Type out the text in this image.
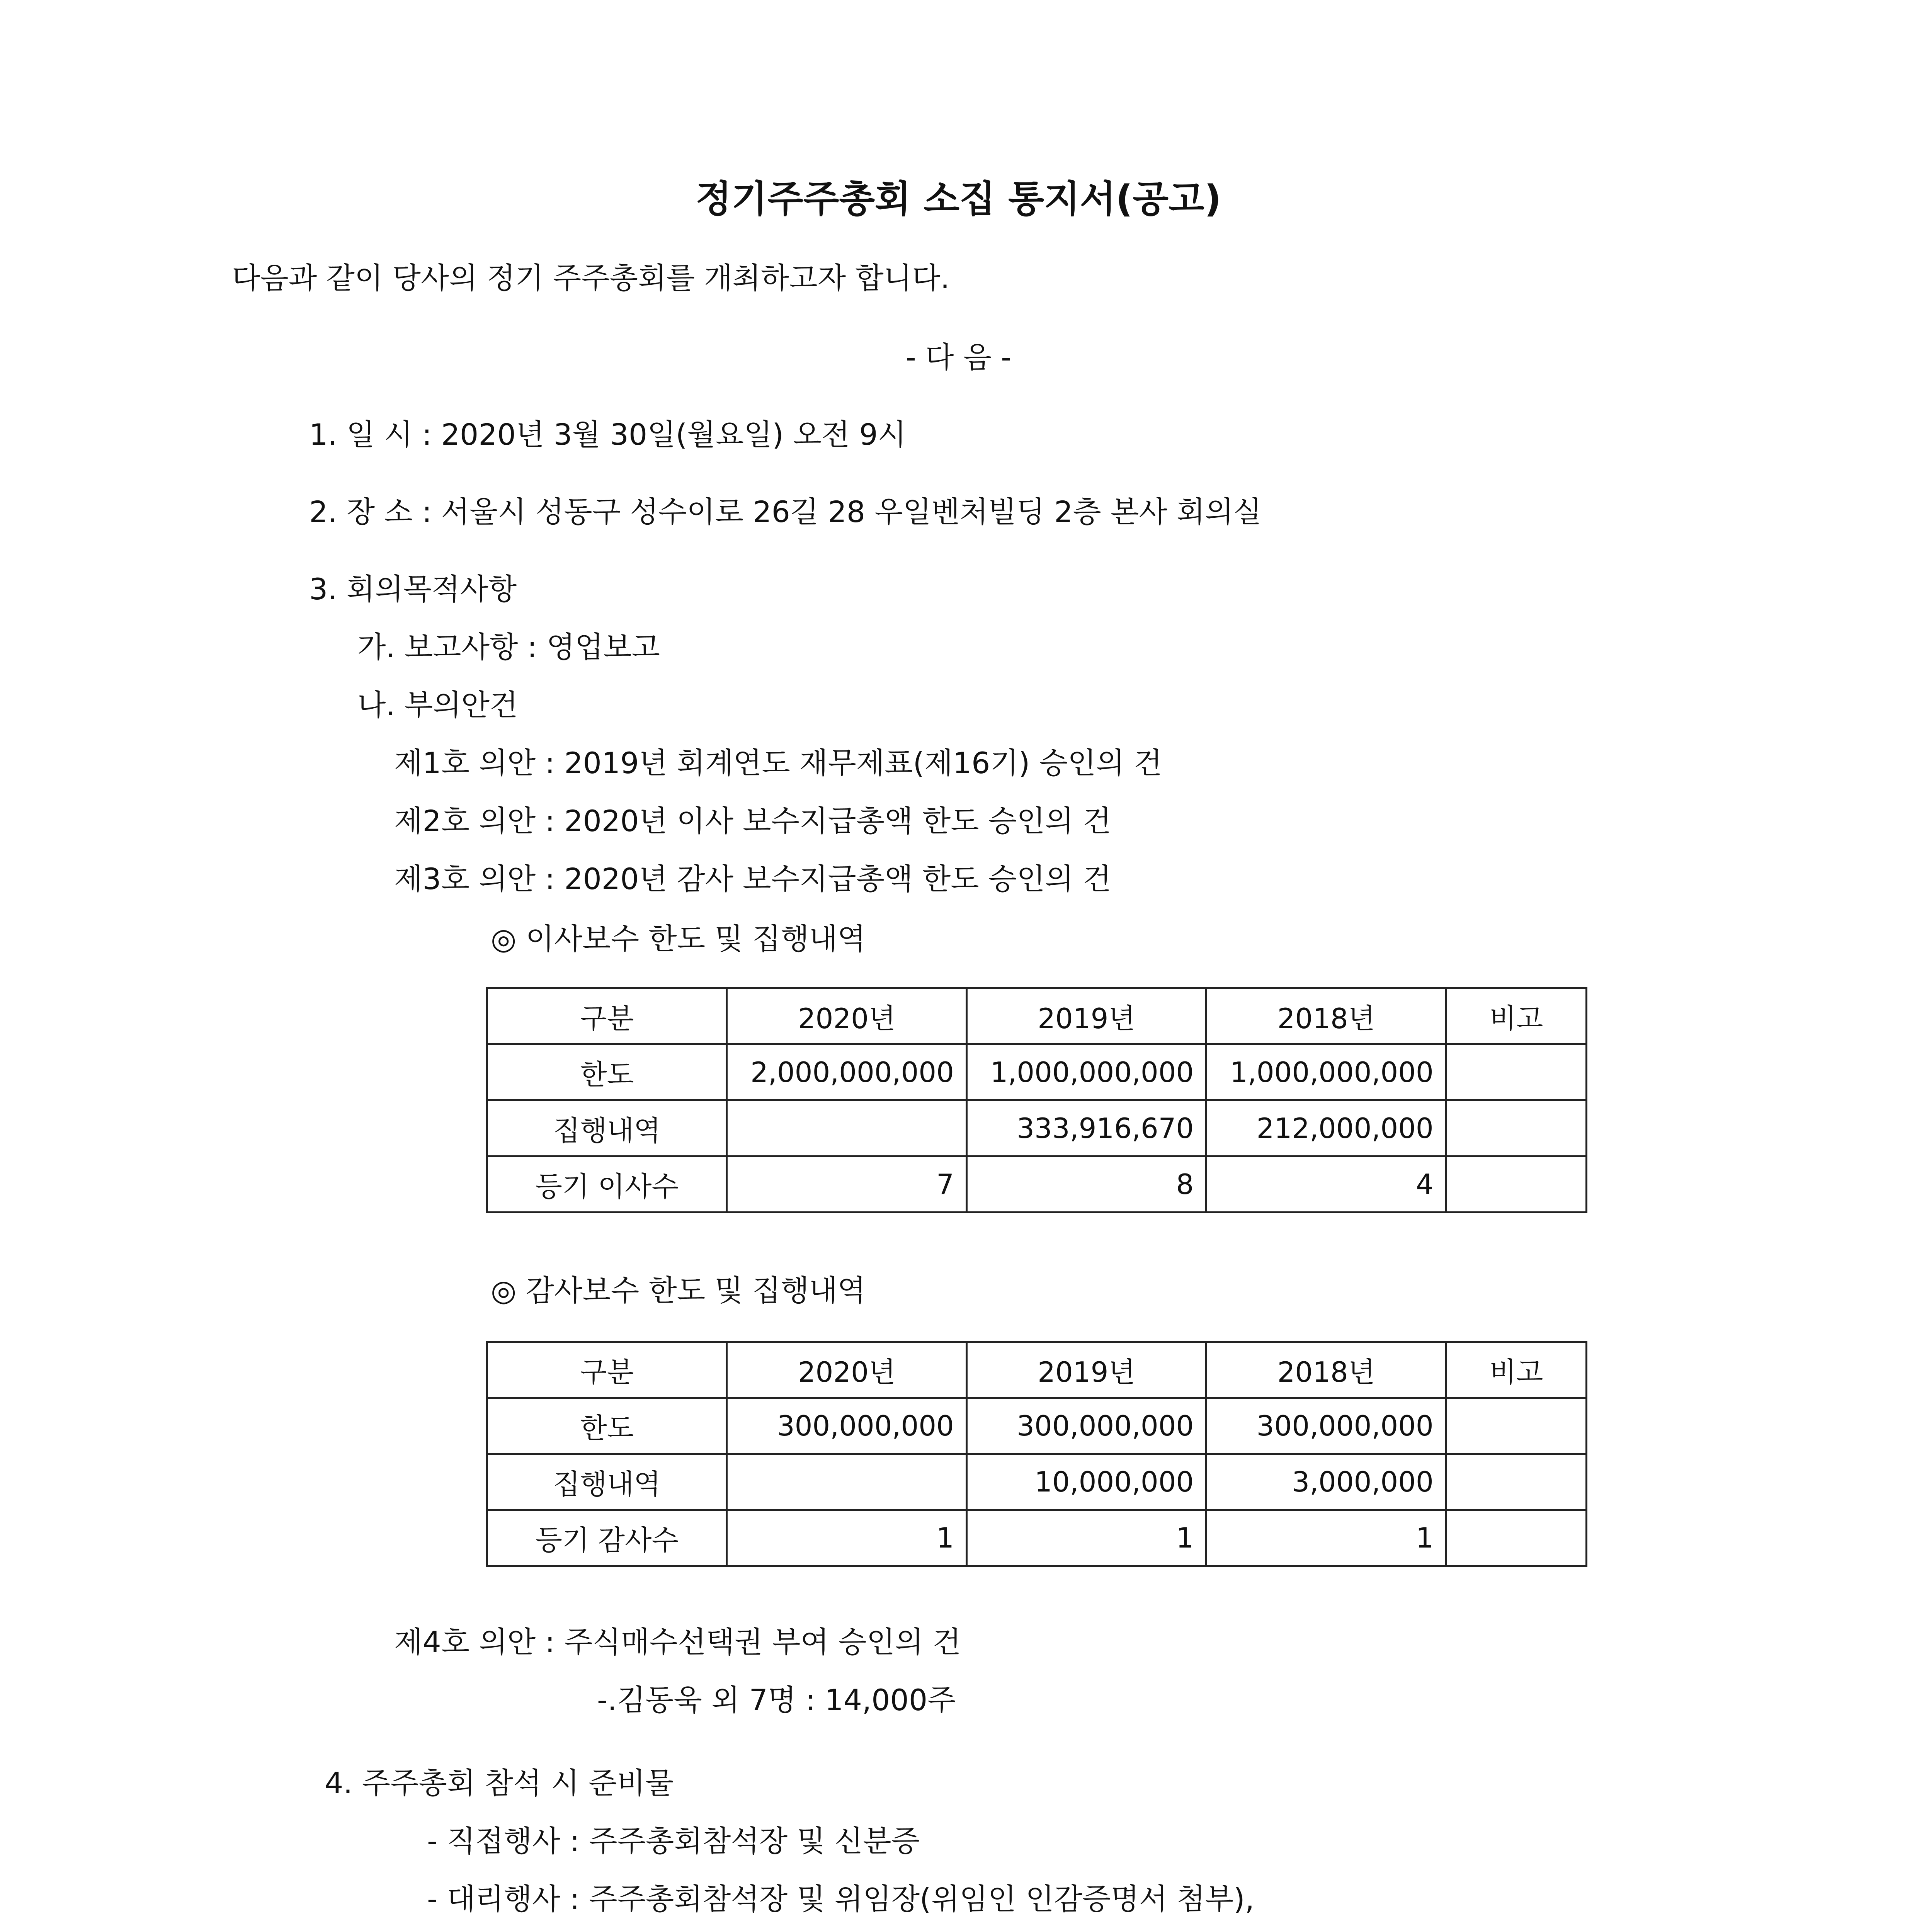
정기주주총회 소집 통지서(공고)
다음과 같이 당사의 정기 주주총회를 개최하고자 합니다.
- 다 음 -
1. 일 시 : 2020년 3월 30일(월요일) 오전 9시
2. 장 소 : 서울시 성동구 성수이로 26길 28 우일벤처빌딩 2층 본사 회의실
3. 회의목적사항
가. 보고사항 : 영업보고
나. 부의안건
제1호 의안 : 2019년 회계연도 재무제표(제16기) 승인의 건
제2호 의안 : 2020년 이사 보수지급총액 한도 승인의 건
제3호 의안 : 2020년 감사 보수지급총액 한도 승인의 건
◎ 이사보수 한도 및 집행내역
구분	2020년	2019년	2018년	비고
한도	2,000,000,000	1,000,000,000	1,000,000,000	
집행내역		333,916,670	212,000,000	
등기 이사수	7	8	4	
◎ 감사보수 한도 및 집행내역
구분	2020년	2019년	2018년	비고
한도	300,000,000	300,000,000	300,000,000	
집행내역		10,000,000	3,000,000	
등기 감사수	1	1	1	
제4호 의안 : 주식매수선택권 부여 승인의 건
-.김동욱 외 7명 : 14,000주
4. 주주총회 참석 시 준비물
- 직접행사 : 주주총회참석장 및 신분증
- 대리행사 : 주주총회참석장 및 위임장(위임인 인감증명서 첨부),
